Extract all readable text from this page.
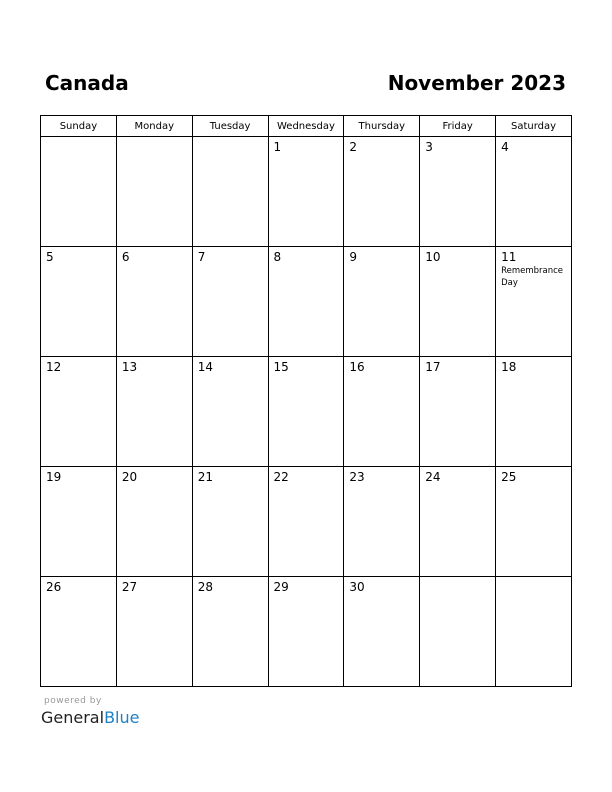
Canada	November 2023
Sunday	Monday	Tuesday	Wednesday	Thursday	Friday	Saturday

			1	2	3	4

5	6	7	8	9	10	11
Remembrance Day

12	13	14	15	16	17	18

19	20	21	22	23	24	25

26	27	28	29	30		

powered by
GeneralBlue
